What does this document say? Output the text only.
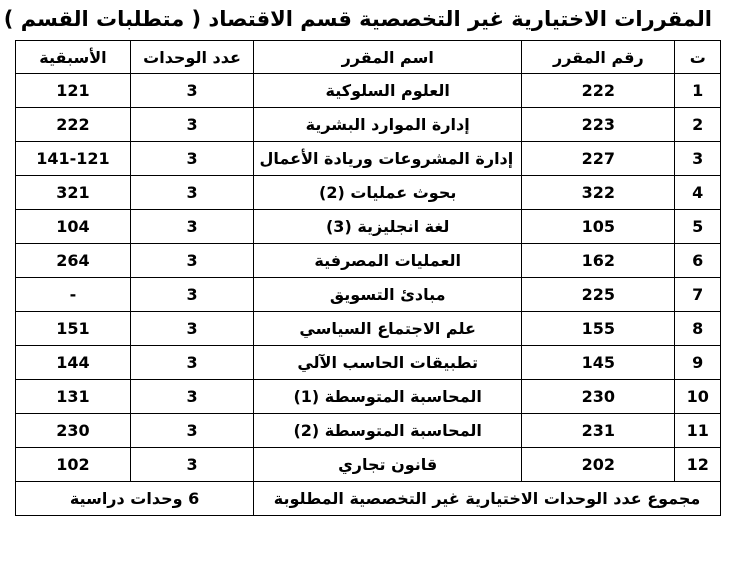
المقررات الاختيارية غير التخصصية قسم الاقتصاد ( متطلبات القسم )
ت	رقم المقرر	اسم المقرر	عدد الوحدات	الأسبقية
1	222	العلوم السلوكية	3	121
2	223	إدارة الموارد البشرية	3	222
3	227	إدارة المشروعات وريادة الأعمال	3	141-121
4	322	بحوث عمليات (2)	3	321
5	105	لغة انجليزية (3)	3	104
6	162	العمليات المصرفية	3	264
7	225	مبادئ التسويق	3	-
8	155	علم الاجتماع السياسي	3	151
9	145	تطبيقات الحاسب الآلي	3	144
10	230	المحاسبة المتوسطة (1)	3	131
11	231	المحاسبة المتوسطة (2)	3	230
12	202	قانون تجاري	3	102
مجموع عدد الوحدات الاختيارية غير التخصصية المطلوبة			6 وحدات دراسية	
